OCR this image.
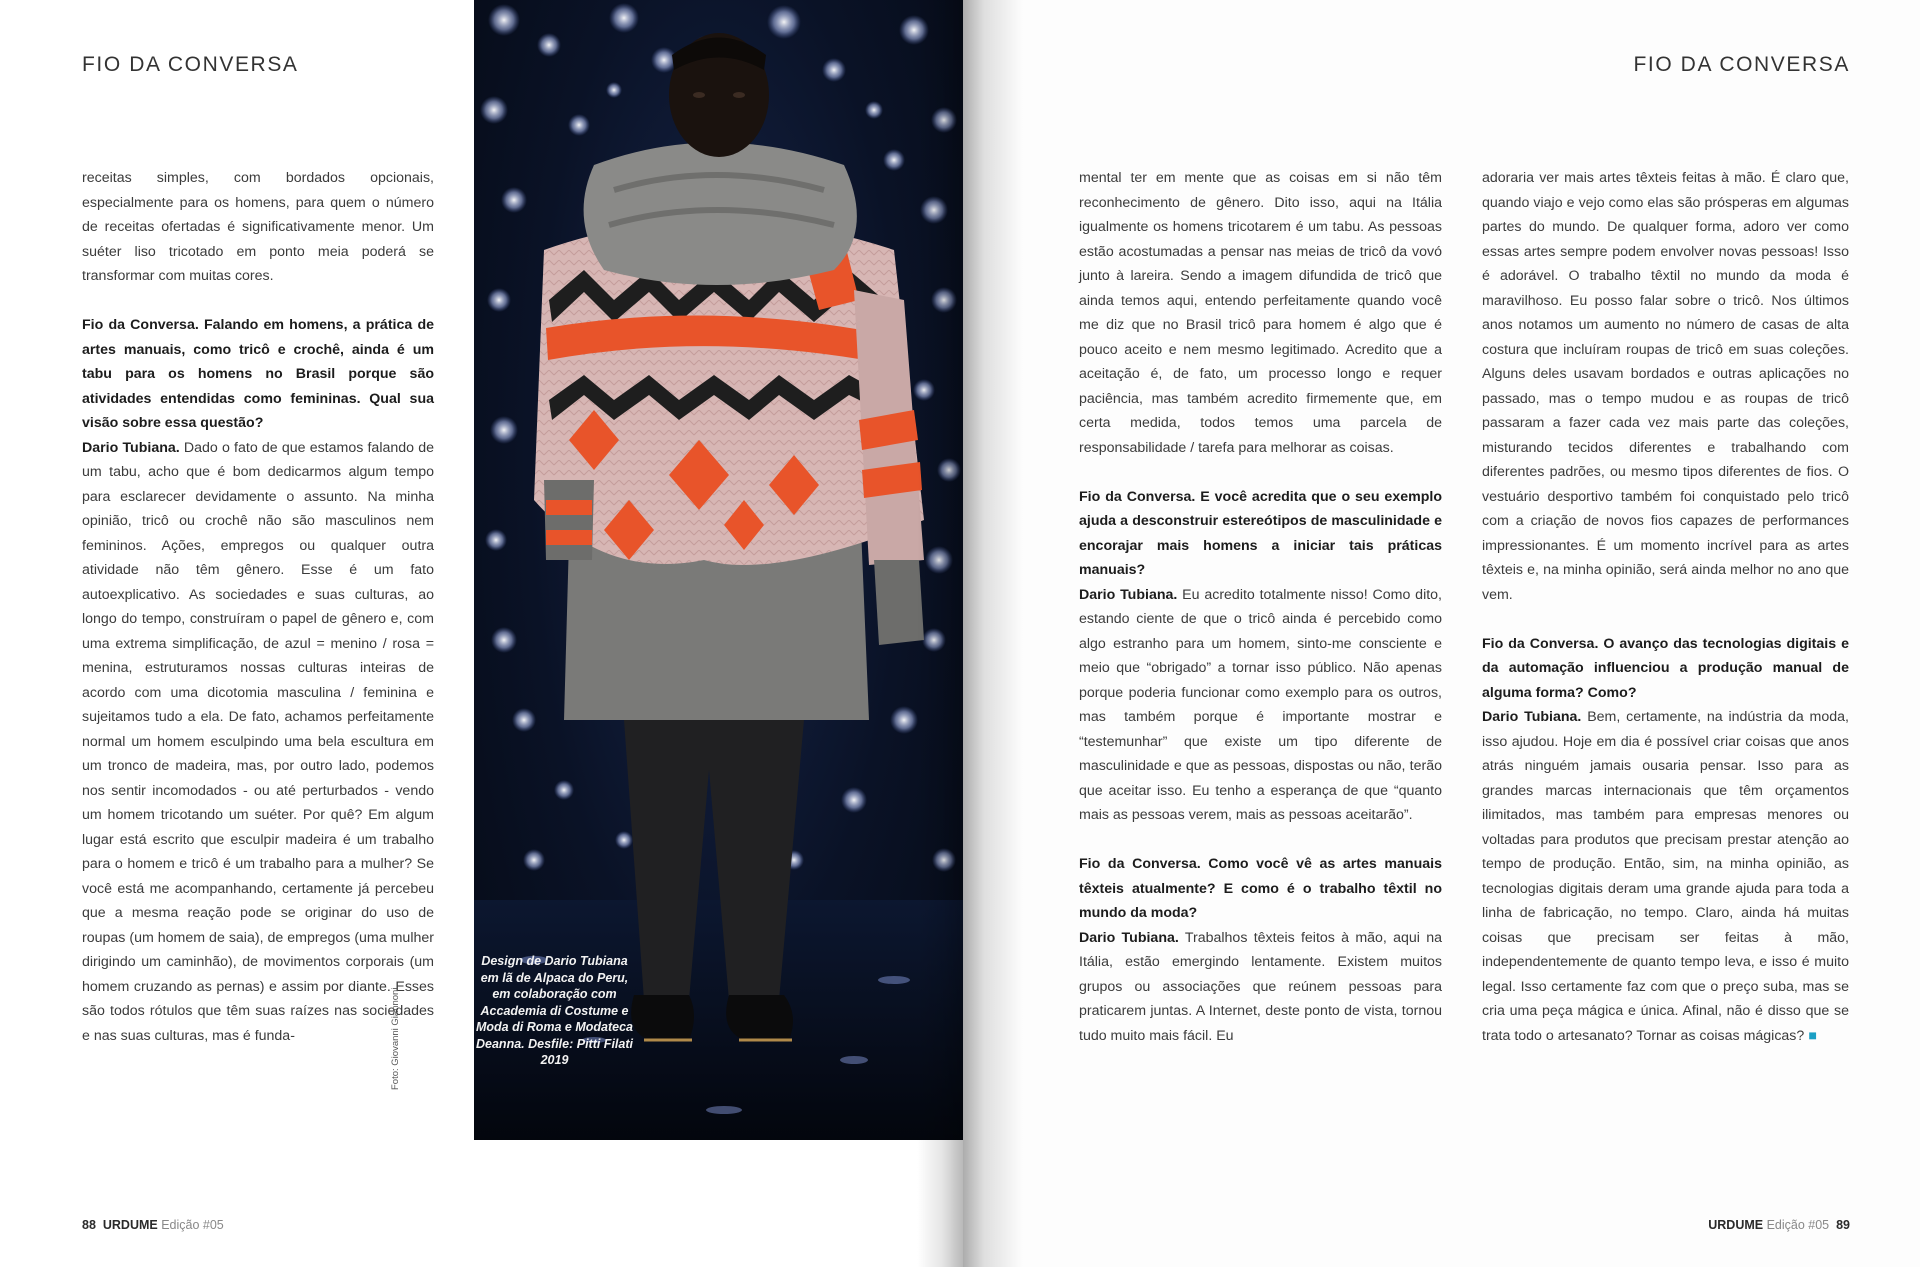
FIO DA CONVERSA

receitas simples, com bordados opcionais, especialmente para os homens, para quem o número de receitas ofertadas é significativamente menor. Um suéter liso tricotado em ponto meia poderá se transformar com muitas cores.

Fio da Conversa. Falando em homens, a prática de artes manuais, como tricô e crochê, ainda é um tabu para os homens no Brasil porque são atividades entendidas como femininas. Qual sua visão sobre essa questão?
Dario Tubiana. Dado o fato de que estamos falando de um tabu, acho que é bom dedicarmos algum tempo para esclarecer devidamente o assunto. Na minha opinião, tricô ou crochê não são masculinos nem femininos. Ações, empregos ou qualquer outra atividade não têm gênero. Esse é um fato autoexplicativo. As sociedades e suas culturas, ao longo do tempo, construíram o papel de gênero e, com uma extrema simplificação, de azul = menino / rosa = menina, estruturamos nossas culturas inteiras de acordo com uma dicotomia masculina / feminina e sujeitamos tudo a ela. De fato, achamos perfeitamente normal um homem esculpindo uma bela escultura em um tronco de madeira, mas, por outro lado, podemos nos sentir incomodados - ou até perturbados - vendo um homem tricotando um suéter. Por quê? Em algum lugar está escrito que esculpir madeira é um trabalho para o homem e tricô é um trabalho para a mulher? Se você está me acompanhando, certamente já percebeu que a mesma reação pode se originar do uso de roupas (um homem de saia), de empregos (uma mulher dirigindo um caminhão), de movimentos corporais (um homem cruzando as pernas) e assim por diante. Esses são todos rótulos que têm suas raízes nas sociedades e nas suas culturas, mas é funda-	Foto: Giovanni Giannoni
Design de Dario Tubiana em lã de Alpaca do Peru, em colaboração com Accademia di Costume e Moda di Roma e Modateca Deanna. Desfile: Pitti Filati 2019
88 URDUME Edição #05
FIO DA CONVERSA

mental ter em mente que as coisas em si não têm reconhecimento de gênero. Dito isso, aqui na Itália igualmente os homens tricotarem é um tabu. As pessoas estão acostumadas a pensar nas meias de tricô da vovó junto à lareira. Sendo a imagem difundida de tricô que ainda temos aqui, entendo perfeitamente quando você me diz que no Brasil tricô para homem é algo que é pouco aceito e nem mesmo legitimado. Acredito que a aceitação é, de fato, um processo longo e requer paciência, mas também acredito firmemente que, em certa medida, todos temos uma parcela de responsabilidade / tarefa para melhorar as coisas.

Fio da Conversa. E você acredita que o seu exemplo ajuda a desconstruir estereótipos de masculinidade e encorajar mais homens a iniciar tais práticas manuais?
Dario Tubiana. Eu acredito totalmente nisso! Como dito, estando ciente de que o tricô ainda é percebido como algo estranho para um homem, sinto-me consciente e meio que “obrigado” a tornar isso público. Não apenas porque poderia funcionar como exemplo para os outros, mas também porque é importante mostrar e “testemunhar” que existe um tipo diferente de masculinidade e que as pessoas, dispostas ou não, terão que aceitar isso. Eu tenho a esperança de que “quanto mais as pessoas verem, mais as pessoas aceitarão”.

Fio da Conversa. Como você vê as artes manuais têxteis atualmente? E como é o trabalho têxtil no mundo da moda?
Dario Tubiana. Trabalhos têxteis feitos à mão, aqui na Itália, estão emergindo lentamente. Existem muitos grupos ou associações que reúnem pessoas para praticarem juntas. A Internet, deste ponto de vista, tornou tudo muito mais fácil. Eu

adoraria ver mais artes têxteis feitas à mão. É claro que, quando viajo e vejo como elas são prósperas em algumas partes do mundo. De qualquer forma, adoro ver como essas artes sempre podem envolver novas pessoas! Isso é adorável. O trabalho têxtil no mundo da moda é maravilhoso. Eu posso falar sobre o tricô. Nos últimos anos notamos um aumento no número de casas de alta costura que incluíram roupas de tricô em suas coleções. Alguns deles usavam bordados e outras aplicações no passado, mas o tempo mudou e as roupas de tricô passaram a fazer cada vez mais parte das coleções, misturando tecidos diferentes e trabalhando com diferentes padrões, ou mesmo tipos diferentes de fios. O vestuário desportivo também foi conquistado pelo tricô com a criação de novos fios capazes de performances impressionantes. É um momento incrível para as artes têxteis e, na minha opinião, será ainda melhor no ano que vem.

Fio da Conversa. O avanço das tecnologias digitais e da automação influenciou a produção manual de alguma forma? Como?
Dario Tubiana. Bem, certamente, na indústria da moda, isso ajudou. Hoje em dia é possível criar coisas que anos atrás ninguém jamais ousaria pensar. Isso para as grandes marcas internacionais que têm orçamentos ilimitados, mas também para empresas menores ou voltadas para produtos que precisam prestar atenção ao tempo de produção. Então, sim, na minha opinião, as tecnologias digitais deram uma grande ajuda para toda a linha de fabricação, no tempo. Claro, ainda há muitas coisas que precisam ser feitas à mão, independentemente de quanto tempo leva, e isso é muito legal. Isso certamente faz com que o preço suba, mas se cria uma peça mágica e única. Afinal, não é disso que se trata todo o artesanato? Tornar as coisas mágicas? ■

URDUME Edição #05 89
